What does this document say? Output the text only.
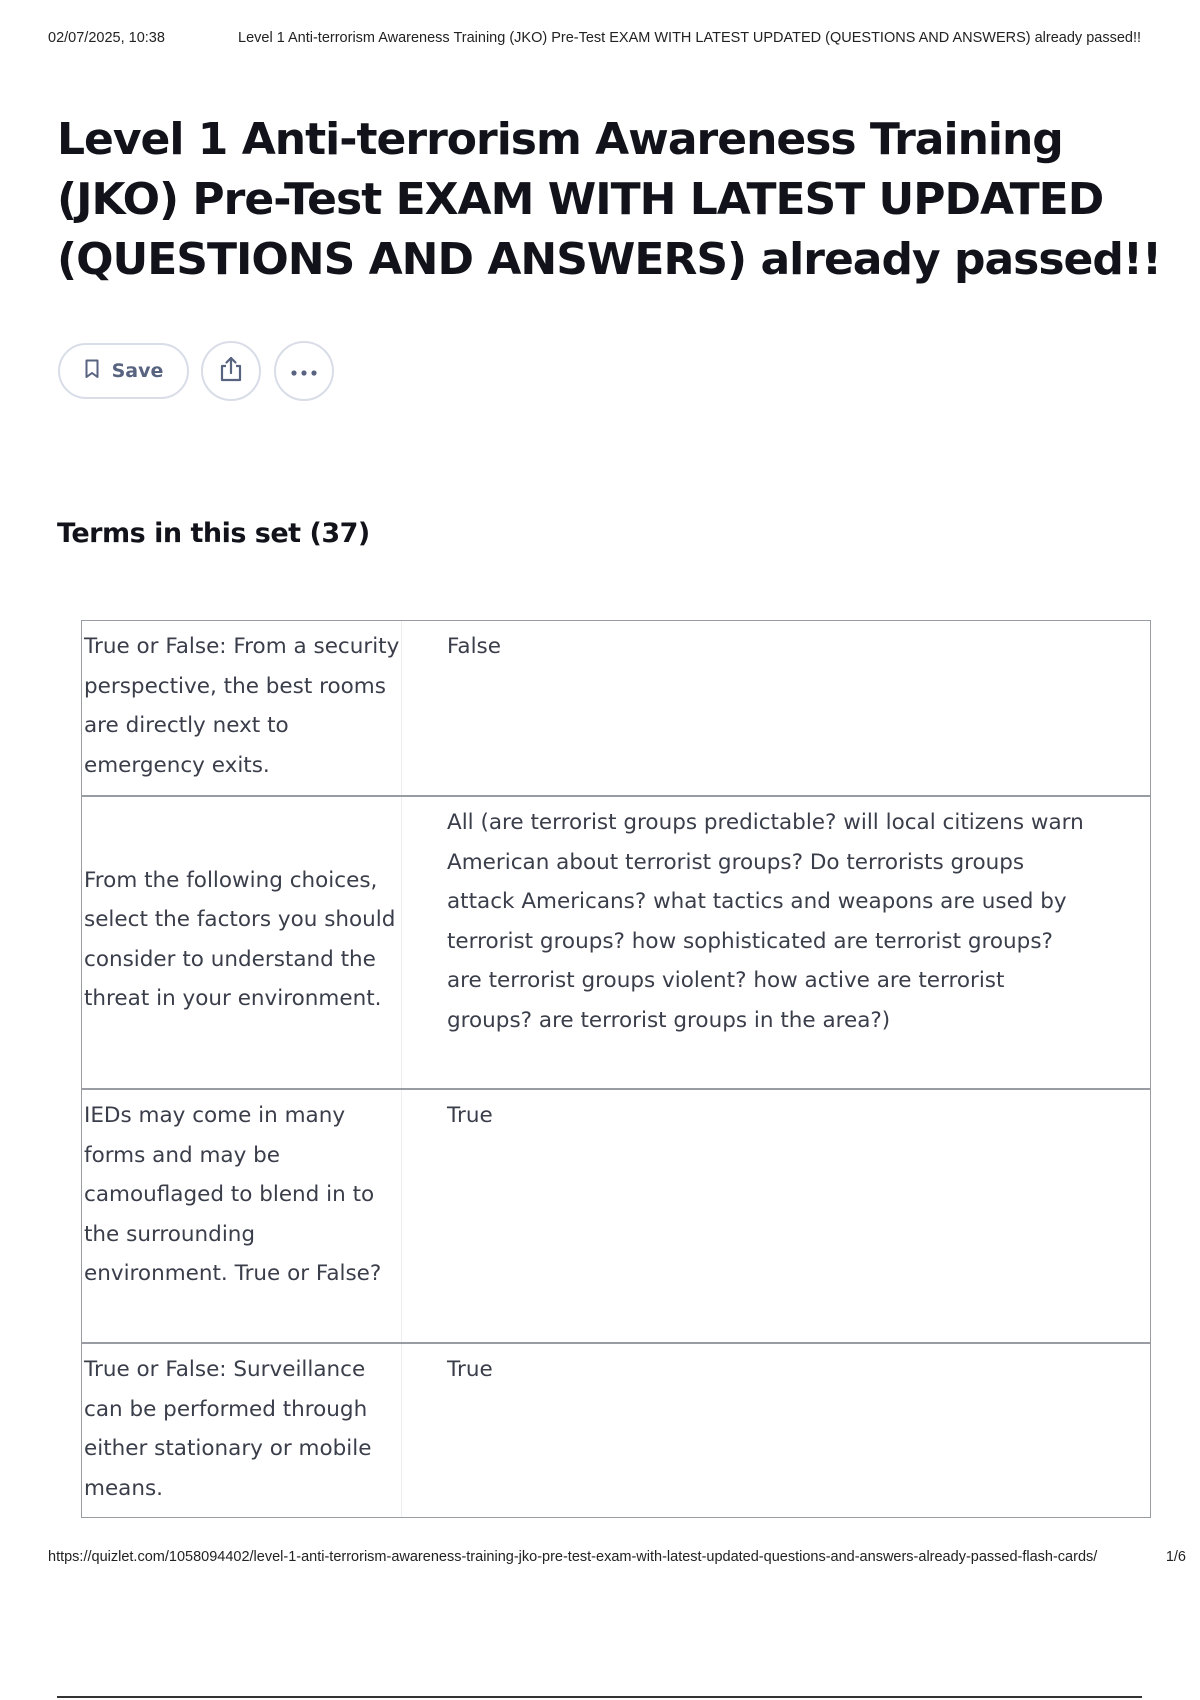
02/07/2025, 10:38	Level 1 Anti-terrorism Awareness Training (JKO) Pre-Test EXAM WITH LATEST UPDATED (QUESTIONS AND ANSWERS) already passed!!
Level 1 Anti-terrorism Awareness Training (JKO) Pre-Test EXAM WITH LATEST UPDATED (QUESTIONS AND ANSWERS) already passed!!
Save
Terms in this set (37)
True or False: From a security perspective, the best rooms are directly next to emergency exits.
False
From the following choices, select the factors you should consider to understand the threat in your environment.
All (are terrorist groups predictable? will local citizens warn American about terrorist groups? Do terrorists groups attack Americans? what tactics and weapons are used by terrorist groups? how sophisticated are terrorist groups? are terrorist groups violent? how active are terrorist groups? are terrorist groups in the area?)
IEDs may come in many forms and may be camouflaged to blend in to the surrounding environment. True or False?
True
True or False: Surveillance can be performed through either stationary or mobile means.
True
https://quizlet.com/1058094402/level-1-anti-terrorism-awareness-training-jko-pre-test-exam-with-latest-updated-questions-and-answers-already-passed-flash-cards/	1/6
